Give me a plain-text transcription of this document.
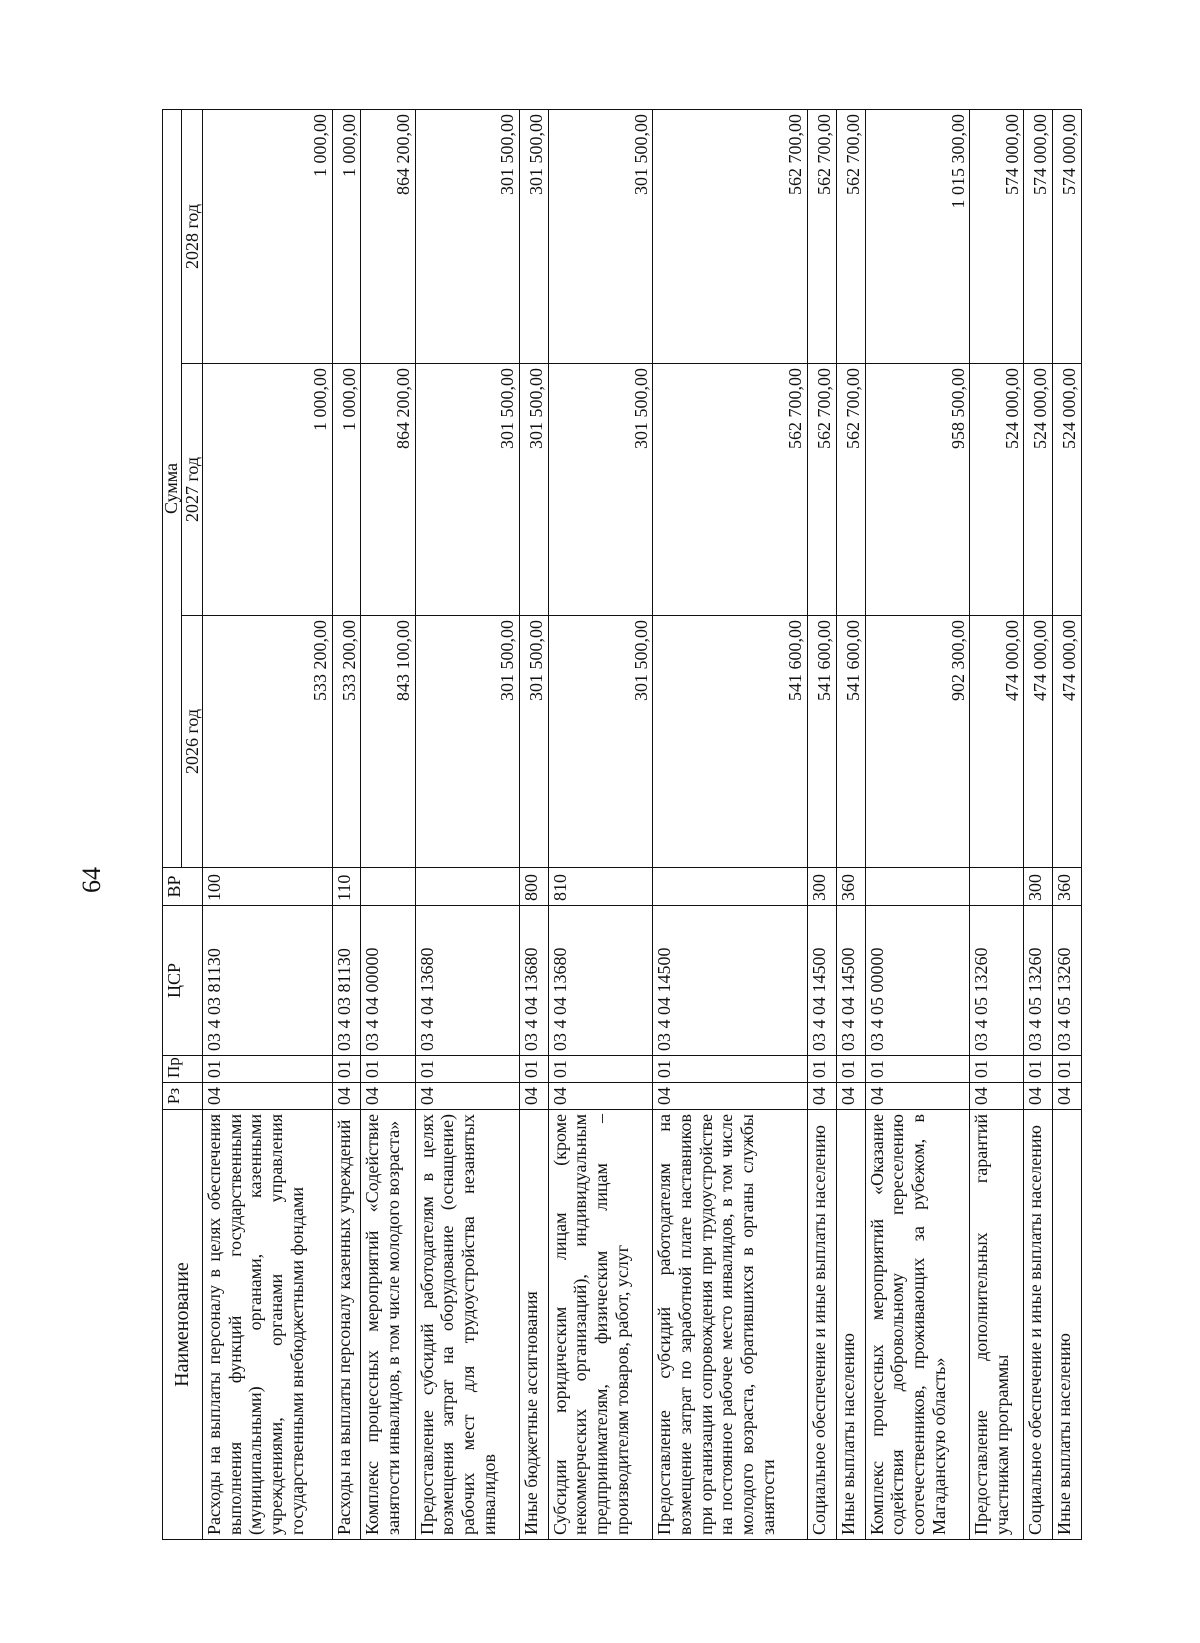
64
Наименование	Рз	Пр	ЦСР	ВР	Сумма		
					2026 год	2027 год	2028 год
Расходы на выплаты персоналу в целях обеспечения выполнения функций государственными (муниципальными) органами, казенными учреждениями, органами управления государственными внебюджетными фондами	04	01	03 4 03 81130	100	533 200,00	1 000,00	1 000,00
Расходы на выплаты персоналу казенных учреждений	04	01	03 4 03 81130	110	533 200,00	1 000,00	1 000,00
Комплекс процессных мероприятий «Содействие занятости инвалидов, в том числе молодого возраста»	04	01	03 4 04 00000		843 100,00	864 200,00	864 200,00
Предоставление субсидий работодателям в целях возмещения затрат на оборудование (оснащение) рабочих мест для трудоустройства незанятых инвалидов	04	01	03 4 04 13680		301 500,00	301 500,00	301 500,00
Иные бюджетные ассигнования	04	01	03 4 04 13680	800	301 500,00	301 500,00	301 500,00
Субсидии юридическим лицам (кроме некоммерческих организаций), индивидуальным предпринимателям, физическим лицам – производителям товаров, работ, услуг	04	01	03 4 04 13680	810	301 500,00	301 500,00	301 500,00
Предоставление субсидий работодателям на возмещение затрат по заработной плате наставников при организации сопровождения при трудоустройстве на постоянное рабочее место инвалидов, в том числе молодого возраста, обратившихся в органы службы занятости	04	01	03 4 04 14500		541 600,00	562 700,00	562 700,00
Социальное обеспечение и иные выплаты населению	04	01	03 4 04 14500	300	541 600,00	562 700,00	562 700,00
Иные выплаты населению	04	01	03 4 04 14500	360	541 600,00	562 700,00	562 700,00
Комплекс процессных мероприятий «Оказание содействия добровольному переселению соотечественников, проживающих за рубежом, в Магаданскую область»	04	01	03 4 05 00000		902 300,00	958 500,00	1 015 300,00
Предоставление дополнительных гарантий участникам программы	04	01	03 4 05 13260		474 000,00	524 000,00	574 000,00
Социальное обеспечение и иные выплаты населению	04	01	03 4 05 13260	300	474 000,00	524 000,00	574 000,00
Иные выплаты населению	04	01	03 4 05 13260	360	474 000,00	524 000,00	574 000,00
